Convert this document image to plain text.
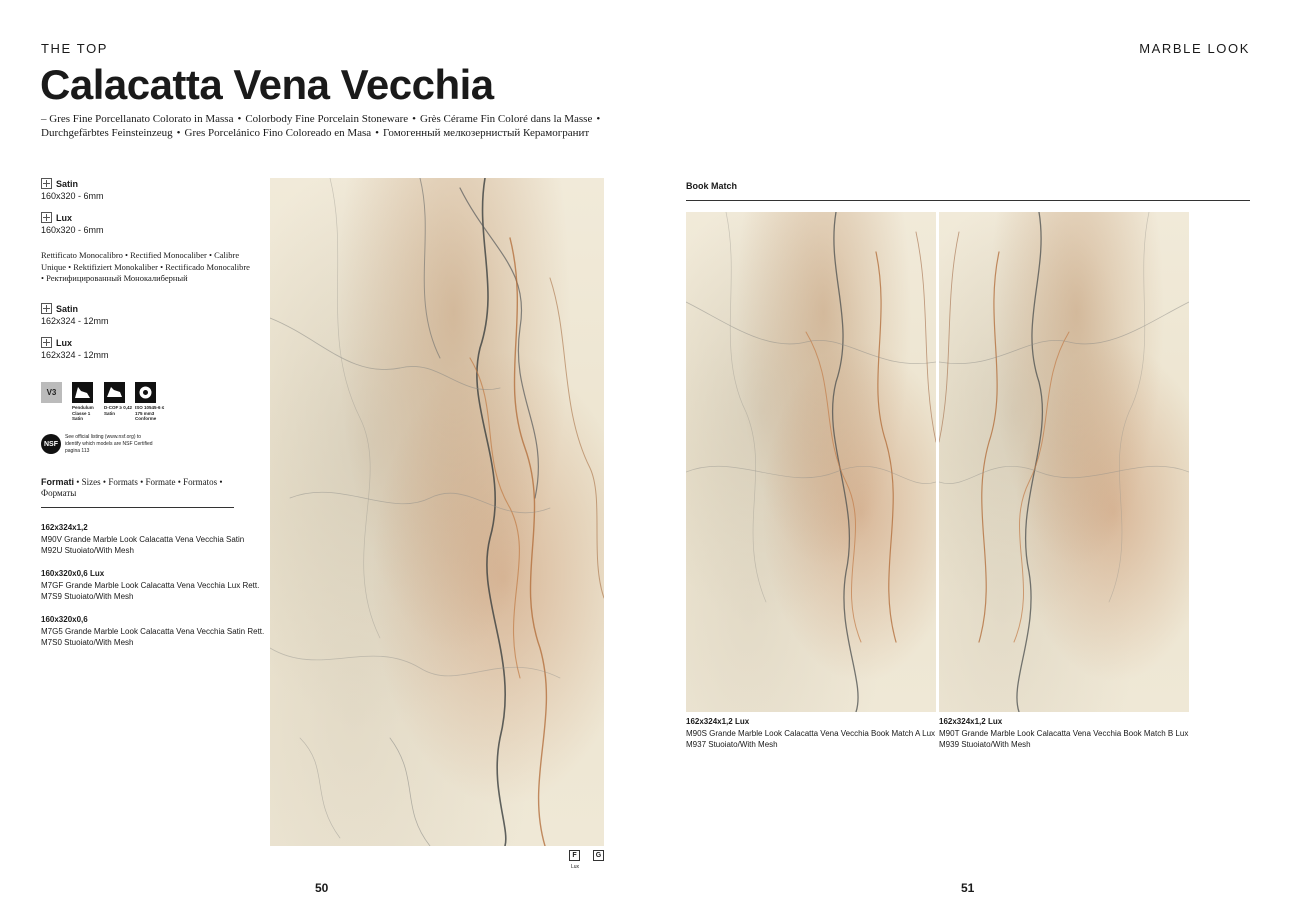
THE TOP	MARBLE LOOK
Calacatta Vena Vecchia
– Gres Fine Porcellanato Colorato in Massa • Colorbody Fine Porcelain Stoneware • Grès Cérame Fin Coloré dans la Masse •
Durchgefärbtes Feinsteinzeug • Gres Porcelánico Fino Coloreado en Masa • Гомогенный мелкозернистый Керамогранит
Satin
160x320 - 6mm
Lux
160x320 - 6mm
Rettificato Monocalibro • Rectified Monocaliber • Calibre Unique • Rektifiziert Monokaliber • Rectificado Monocalibre • Ректифицированный Монокалиберный
Satin
162x324 - 12mm
Lux
162x324 - 12mm
V3
Pendulum Classe 1 Satin
D-COF ≥ 0,42 Satin
ISO 10545-6 ≤ 175 mm3 Conforme
NSF
See official listing (www.nsf.org) to identify which models are NSF Certified pagina 113
Formati • Sizes • Formats • Formate • Formatos • Форматы
162x324x1,2
M90V Grande Marble Look Calacatta Vena Vecchia Satin
M92U Stuoiato/With Mesh
160x320x0,6 Lux
M7GF Grande Marble Look Calacatta Vena Vecchia Lux Rett.
M7S9 Stuoiato/With Mesh
160x320x0,6
M7G5 Grande Marble Look Calacatta Vena Vecchia Satin Rett.
M7S0 Stuoiato/With Mesh
F	G
Lux
Book Match
162x324x1,2 Lux
M90S Grande Marble Look Calacatta Vena Vecchia Book Match A Lux
M937 Stuoiato/With Mesh
162x324x1,2 Lux
M90T Grande Marble Look Calacatta Vena Vecchia Book Match B Lux
M939 Stuoiato/With Mesh
50	51
